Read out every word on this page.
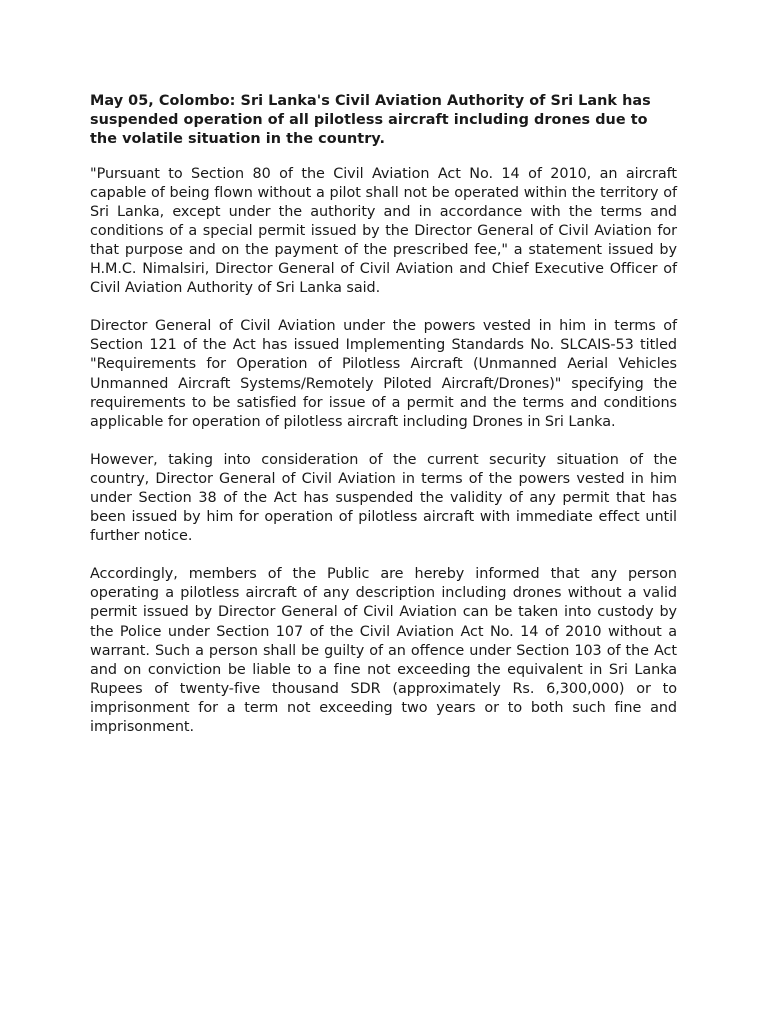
May 05, Colombo: Sri Lanka's Civil Aviation Authority of Sri Lank has suspended operation of all pilotless aircraft including drones due to the volatile situation in the country.

"Pursuant to Section 80 of the Civil Aviation Act No. 14 of 2010, an aircraft capable of being flown without a pilot shall not be operated within the territory of Sri Lanka, except under the authority and in accordance with the terms and conditions of a special permit issued by the Director General of Civil Aviation for that purpose and on the payment of the prescribed fee," a statement issued by H.M.C. Nimalsiri, Director General of Civil Aviation and Chief Executive Officer of Civil Aviation Authority of Sri Lanka said.

Director General of Civil Aviation under the powers vested in him in terms of Section 121 of the Act has issued Implementing Standards No. SLCAIS-53 titled "Requirements for Operation of Pilotless Aircraft (Unmanned Aerial Vehicles Unmanned Aircraft Systems/Remotely Piloted Aircraft/Drones)" specifying the requirements to be satisfied for issue of a permit and the terms and conditions applicable for operation of pilotless aircraft including Drones in Sri Lanka.

However, taking into consideration of the current security situation of the country, Director General of Civil Aviation in terms of the powers vested in him under Section 38 of the Act has suspended the validity of any permit that has been issued by him for operation of pilotless aircraft with immediate effect until further notice.

Accordingly, members of the Public are hereby informed that any person operating a pilotless aircraft of any description including drones without a valid permit issued by Director General of Civil Aviation can be taken into custody by the Police under Section 107 of the Civil Aviation Act No. 14 of 2010 without a warrant. Such a person shall be guilty of an offence under Section 103 of the Act and on conviction be liable to a fine not exceeding the equivalent in Sri Lanka Rupees of twenty-five thousand SDR (approximately Rs. 6,300,000) or to imprisonment for a term not exceeding two years or to both such fine and imprisonment.
